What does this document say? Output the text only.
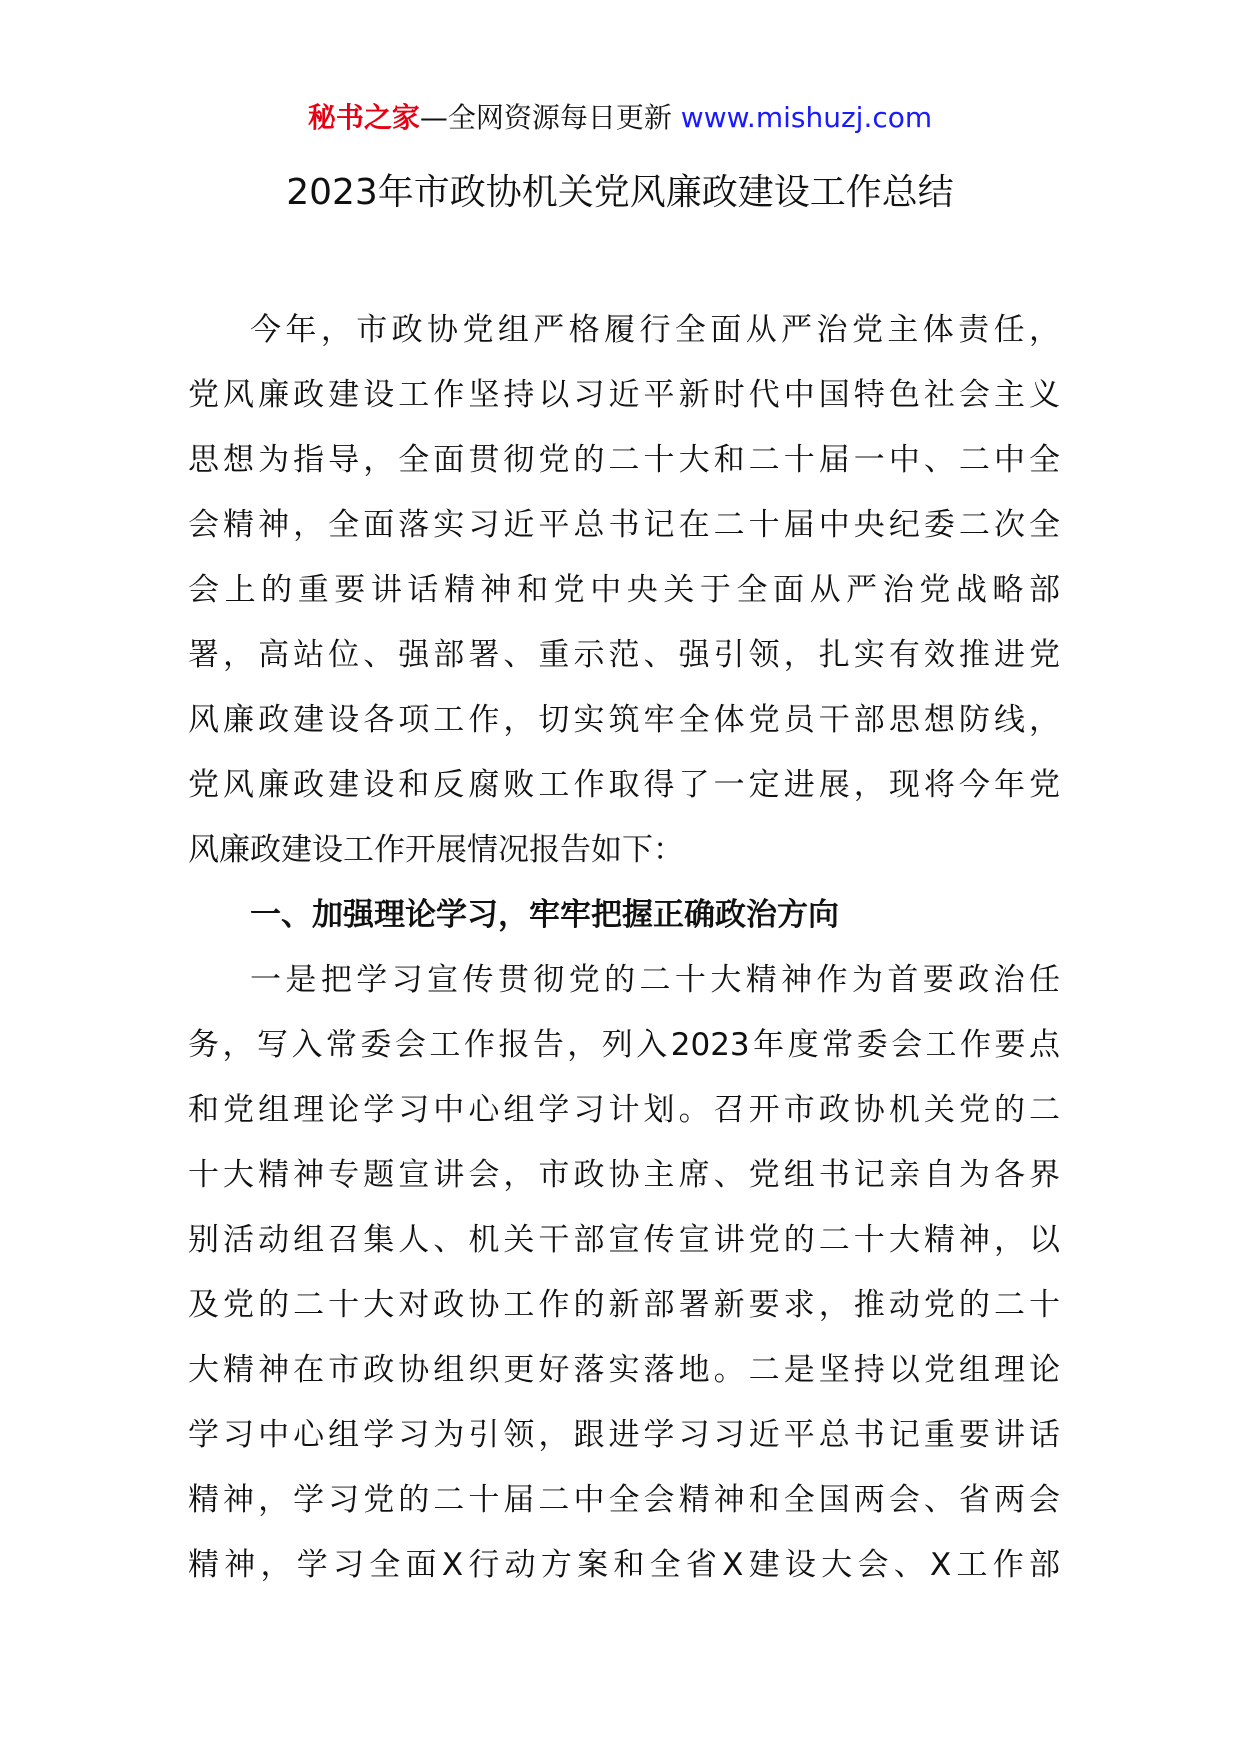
秘书之家—全网资源每日更新 www.mishuzj.com
2023年市政协机关党风廉政建设工作总结
今年，市政协党组严格履行全面从严治党主体责任，
党风廉政建设工作坚持以习近平新时代中国特色社会主义
思想为指导，全面贯彻党的二十大和二十届一中、二中全
会精神，全面落实习近平总书记在二十届中央纪委二次全
会上的重要讲话精神和党中央关于全面从严治党战略部
署，高站位、强部署、重示范、强引领，扎实有效推进党
风廉政建设各项工作，切实筑牢全体党员干部思想防线，
党风廉政建设和反腐败工作取得了一定进展，现将今年党
风廉政建设工作开展情况报告如下：
一、加强理论学习，牢牢把握正确政治方向
一是把学习宣传贯彻党的二十大精神作为首要政治任
务，写入常委会工作报告，列入2023年度常委会工作要点
和党组理论学习中心组学习计划。召开市政协机关党的二
十大精神专题宣讲会，市政协主席、党组书记亲自为各界
别活动组召集人、机关干部宣传宣讲党的二十大精神，以
及党的二十大对政协工作的新部署新要求，推动党的二十
大精神在市政协组织更好落实落地。二是坚持以党组理论
学习中心组学习为引领，跟进学习习近平总书记重要讲话
精神，学习党的二十届二中全会精神和全国两会、省两会
精神，学习全面X行动方案和全省X建设大会、X工作部
